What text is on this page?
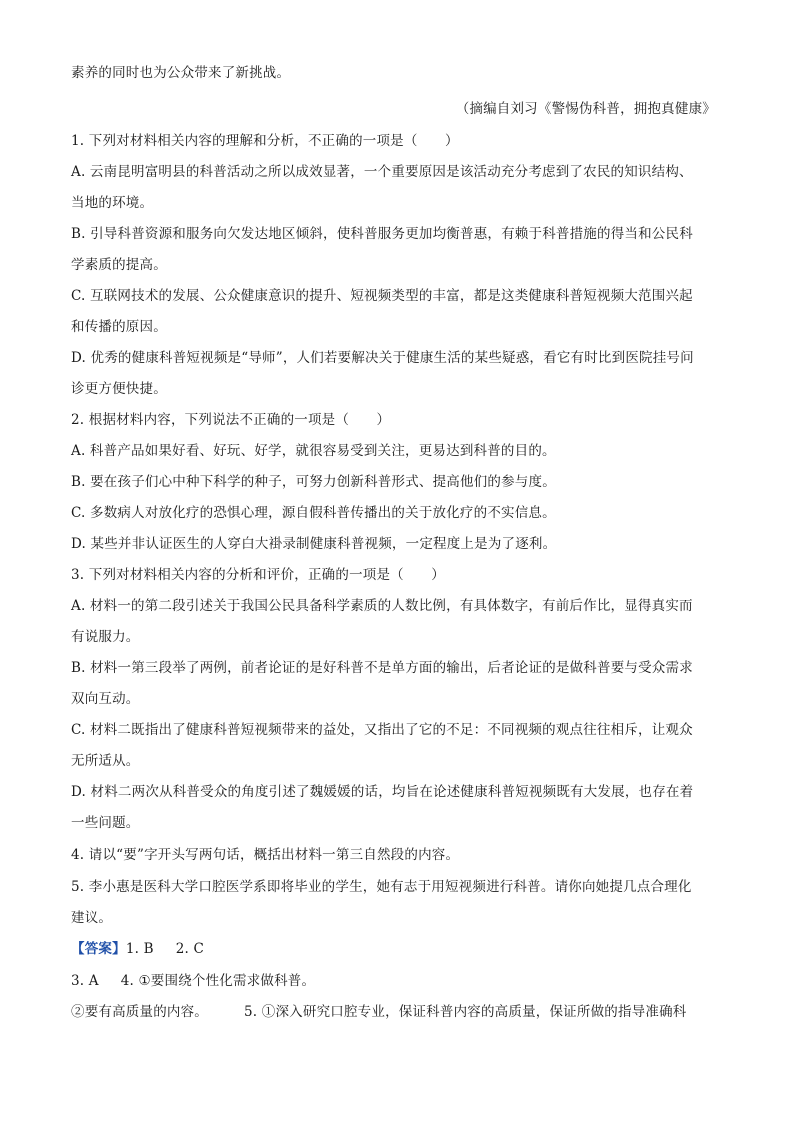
素养的同时也为公众带来了新挑战。
（摘编自刘习《警惕伪科普，拥抱真健康》
1. 下列对材料相关内容的理解和分析，不正确的一项是（　　）
A. 云南昆明富明县的科普活动之所以成效显著，一个重要原因是该活动充分考虑到了农民的知识结构、
当地的环境。
B. 引导科普资源和服务向欠发达地区倾斜，使科普服务更加均衡普惠，有赖于科普措施的得当和公民科
学素质的提高。
C. 互联网技术的发展、公众健康意识的提升、短视频类型的丰富，都是这类健康科普短视频大范围兴起
和传播的原因。
D. 优秀的健康科普短视频是“导师”，人们若要解决关于健康生活的某些疑惑，看它有时比到医院挂号问
诊更方便快捷。
2. 根据材料内容，下列说法不正确的一项是（　　）
A. 科普产品如果好看、好玩、好学，就很容易受到关注，更易达到科普的目的。
B. 要在孩子们心中种下科学的种子，可努力创新科普形式、提高他们的参与度。
C. 多数病人对放化疗的恐惧心理，源自假科普传播出的关于放化疗的不实信息。
D. 某些并非认证医生的人穿白大褂录制健康科普视频，一定程度上是为了逐利。
3. 下列对材料相关内容的分析和评价，正确的一项是（　　）
A. 材料一的第二段引述关于我国公民具备科学素质的人数比例，有具体数字，有前后作比，显得真实而
有说服力。
B. 材料一第三段举了两例，前者论证的是好科普不是单方面的输出，后者论证的是做科普要与受众需求
双向互动。
C. 材料二既指出了健康科普短视频带来的益处，又指出了它的不足：不同视频的观点往往相斥，让观众
无所适从。
D. 材料二两次从科普受众的角度引述了魏媛媛的话，均旨在论述健康科普短视频既有大发展，也存在着
一些问题。
4. 请以“要”字开头写两句话，概括出材料一第三自然段的内容。
5. 李小惠是医科大学口腔医学系即将毕业的学生，她有志于用短视频进行科普。请你向她提几点合理化
建议。
【答案】1. B 2. C
3. A 4. ①要围绕个性化需求做科普。
②要有高质量的内容。	5. ①深入研究口腔专业，保证科普内容的高质量，保证所做的指导准确科
